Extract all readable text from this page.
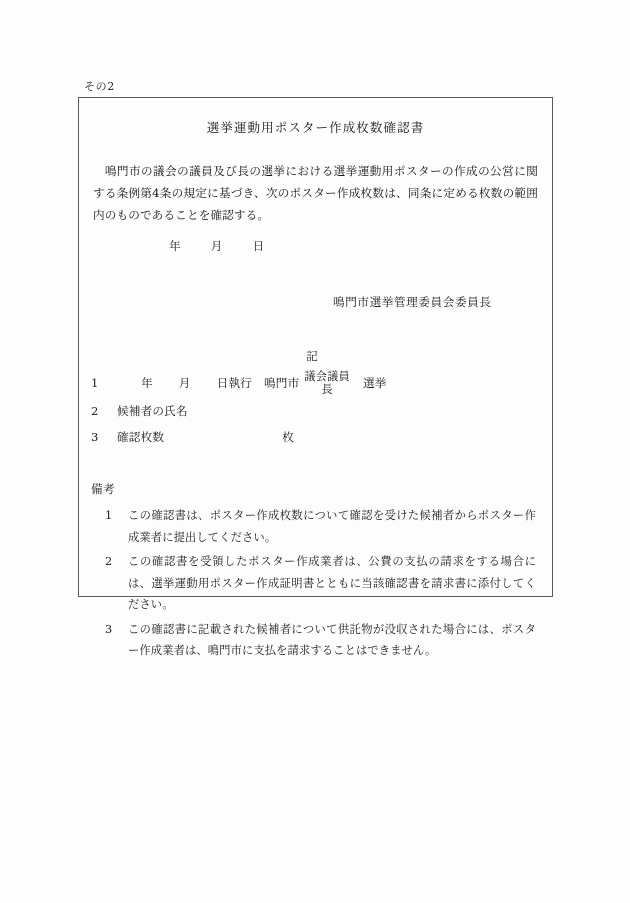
その2
選挙運動用ポスター作成枚数確認書
鳴門市の議会の議員及び長の選挙における選挙運動用ポスターの作成の公営に関する条例第4条の規定に基づき、次のポスター作成枚数は、同条に定める枚数の範囲内のものであることを確認する。
年	月	日
鳴門市選挙管理委員会委員長
記
1	年 月 日執行 鳴門市 議会議員
長	選挙
2 候補者の氏名
3 確認枚数	枚
備考
1	この確認書は、ポスター作成枚数について確認を受けた候補者からポスター作成業者に提出してください。
2	この確認書を受領したポスター作成業者は、公費の支払の請求をする場合には、選挙運動用ポスター作成証明書とともに当該確認書を請求書に添付してください。
3	この確認書に記載された候補者について供託物が没収された場合には、ポスター作成業者は、鳴門市に支払を請求することはできません。
